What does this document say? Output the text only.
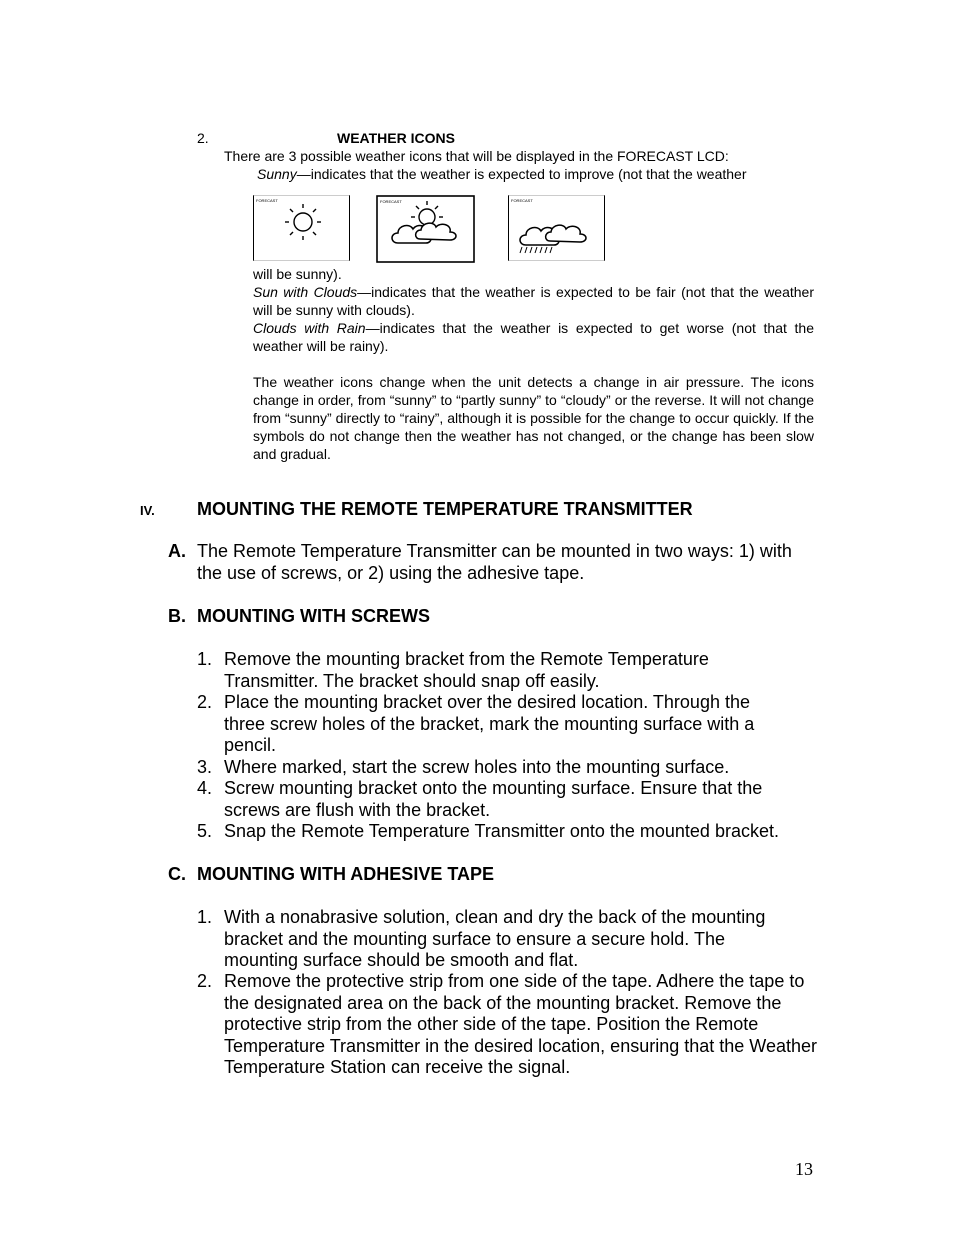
2.	WEATHER ICONS
There are 3 possible weather icons that will be displayed in the FORECAST LCD:
Sunny—indicates that the weather is expected to improve (not that the weather
FORECAST	FORECAST	FORECAST
will be sunny).
Sun with Clouds—indicates that the weather is expected to be fair (not that the weather will be sunny with clouds).
Clouds with Rain—indicates that the weather is expected to get worse (not that the weather will be rainy).
The weather icons change when the unit detects a change in air pressure. The icons change in order, from “sunny” to “partly sunny” to “cloudy” or the reverse. It will not change from “sunny” directly to “rainy”, although it is possible for the change to occur quickly. If the symbols do not change then the weather has not changed, or the change has been slow and gradual.
IV. MOUNTING THE REMOTE TEMPERATURE TRANSMITTER
A. The Remote Temperature Transmitter can be mounted in two ways: 1) with the use of screws, or 2) using the adhesive tape.
B. MOUNTING WITH SCREWS
1. Remove the mounting bracket from the Remote Temperature Transmitter. The bracket should snap off easily.
2. Place the mounting bracket over the desired location. Through the three screw holes of the bracket, mark the mounting surface with a pencil.
3. Where marked, start the screw holes into the mounting surface.
4. Screw mounting bracket onto the mounting surface. Ensure that the screws are flush with the bracket.
5. Snap the Remote Temperature Transmitter onto the mounted bracket.
C. MOUNTING WITH ADHESIVE TAPE
1. With a nonabrasive solution, clean and dry the back of the mounting bracket and the mounting surface to ensure a secure hold. The mounting surface should be smooth and flat.
2. Remove the protective strip from one side of the tape. Adhere the tape to the designated area on the back of the mounting bracket. Remove the protective strip from the other side of the tape. Position the Remote Temperature Transmitter in the desired location, ensuring that the Weather Temperature Station can receive the signal.
13
